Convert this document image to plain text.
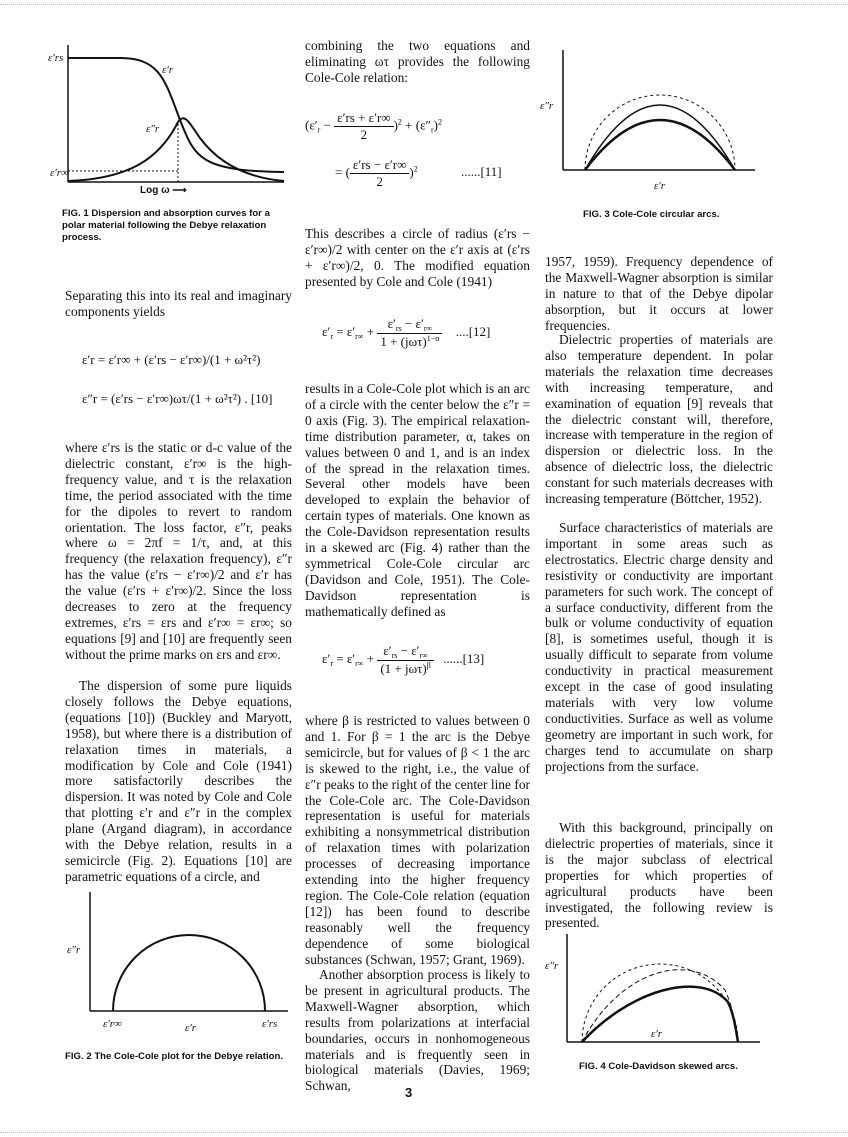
ε′rs
ε′r
ε″r
ε′r∞
Log ω ⟶
FIG. 1 Dispersion and absorption curves for a polar material following the Debye relaxation process.
Separating this into its real and imaginary components yields
ε′r = ε′r∞ + (ε′rs − ε′r∞)/(1 + ω²τ²)
ε″r = (ε′rs − ε′r∞)ωτ/(1 + ω²τ²) . [10]
where ε′rs is the static or d-c value of the dielectric constant, ε′r∞ is the high-frequency value, and τ is the relaxation time, the period associated with the time for the dipoles to revert to random orientation. The loss factor, ε″r, peaks where ω = 2πf = 1/τ, and, at this frequency (the relaxation frequency), ε″r has the value (ε′rs − ε′r∞)/2 and ε′r has the value (ε′rs + ε′r∞)/2. Since the loss decreases to zero at the frequency extremes, ε′rs = εrs and ε′r∞ = εr∞; so equations [9] and [10] are frequently seen without the prime marks on εrs and εr∞.
The dispersion of some pure liquids closely follows the Debye equations, (equations [10]) (Buckley and Maryott, 1958), but where there is a distribution of relaxation times in materials, a modification by Cole and Cole (1941) more satisfactorily describes the dispersion. It was noted by Cole and Cole that plotting ε′r and ε″r in the complex plane (Argand diagram), in accordance with the Debye relation, results in a semicircle (Fig. 2). Equations [10] are parametric equations of a circle, and
ε″r
ε′r∞	ε′r	ε′rs
FIG. 2 The Cole-Cole plot for the Debye relation.
combining the two equations and eliminating ωτ provides the following Cole-Cole relation:
$(\varepsilon'_r - \frac{\varepsilon'rs + \varepsilon'r\infty}{2} )^2 + (\varepsilon''_r)^2$
= ( $\frac{\varepsilon'rs - \varepsilon'r\infty}{2} )^2$	......[11]
This describes a circle of radius (ε′rs − ε′r∞)/2 with center on the ε′r axis at (ε′rs + ε′r∞)/2, 0. The modified equation presented by Cole and Cole (1941)
$\varepsilon'_r = \varepsilon'_{r\infty} + \frac{\varepsilon'_{rs} - \varepsilon'_{r\infty}}{1 + (j\omega\tau)^{1-\alpha}} ....[12]$
results in a Cole-Cole plot which is an arc of a circle with the center below the ε″r = 0 axis (Fig. 3). The empirical relaxation-time distribution parameter, α, takes on values between 0 and 1, and is an index of the spread in the relaxation times. Several other models have been developed to explain the behavior of certain types of materials. One known as the Cole-Davidson representation results in a skewed arc (Fig. 4) rather than the symmetrical Cole-Cole circular arc (Davidson and Cole, 1951). The Cole-Davidson representation is mathematically defined as
$\varepsilon'_r = \varepsilon'_{r\infty} + \frac{\varepsilon'_{rs} - \varepsilon'_{r\infty}}{(1 + j\omega\tau)^\beta} ......[13]$
where β is restricted to values between 0 and 1. For β = 1 the arc is the Debye semicircle, but for values of β < 1 the arc is skewed to the right, i.e., the value of ε″r peaks to the right of the center line for the Cole-Cole arc. The Cole-Davidson representation is useful for materials exhibiting a nonsymmetrical distribution of relaxation times with polarization processes of decreasing importance extending into the higher frequency region. The Cole-Cole relation (equation [12]) has been found to describe reasonably well the frequency dependence of some biological substances (Schwan, 1957; Grant, 1969).
Another absorption process is likely to be present in agricultural products. The Maxwell-Wagner absorption, which results from polarizations at interfacial boundaries, occurs in nonhomogeneous materials and is frequently seen in biological materials (Davies, 1969; Schwan,
ε″r
ε′r
FIG. 3 Cole-Cole circular arcs.
1957, 1959). Frequency dependence of the Maxwell-Wagner absorption is similar in nature to that of the Debye dipolar absorption, but it occurs at lower frequencies.
Dielectric properties of materials are also temperature dependent. In polar materials the relaxation time decreases with increasing temperature, and examination of equation [9] reveals that the dielectric constant will, therefore, increase with temperature in the region of dispersion or dielectric loss. In the absence of dielectric loss, the dielectric constant for such materials decreases with increasing temperature (Böttcher, 1952).
Surface characteristics of materials are important in some areas such as electrostatics. Electric charge density and resistivity or conductivity are important parameters for such work. The concept of a surface conductivity, different from the bulk or volume conductivity of equation [8], is sometimes useful, though it is usually difficult to separate from volume conductivity in practical measurement except in the case of good insulating materials with very low volume conductivities. Surface as well as volume geometry are important in such work, for charges tend to accumulate on sharp projections from the surface.
With this background, principally on dielectric properties of materials, since it is the major subclass of electrical properties for which properties of agricultural products have been investigated, the following review is presented.
ε″r
ε′r
FIG. 4 Cole-Davidson skewed arcs.
3
